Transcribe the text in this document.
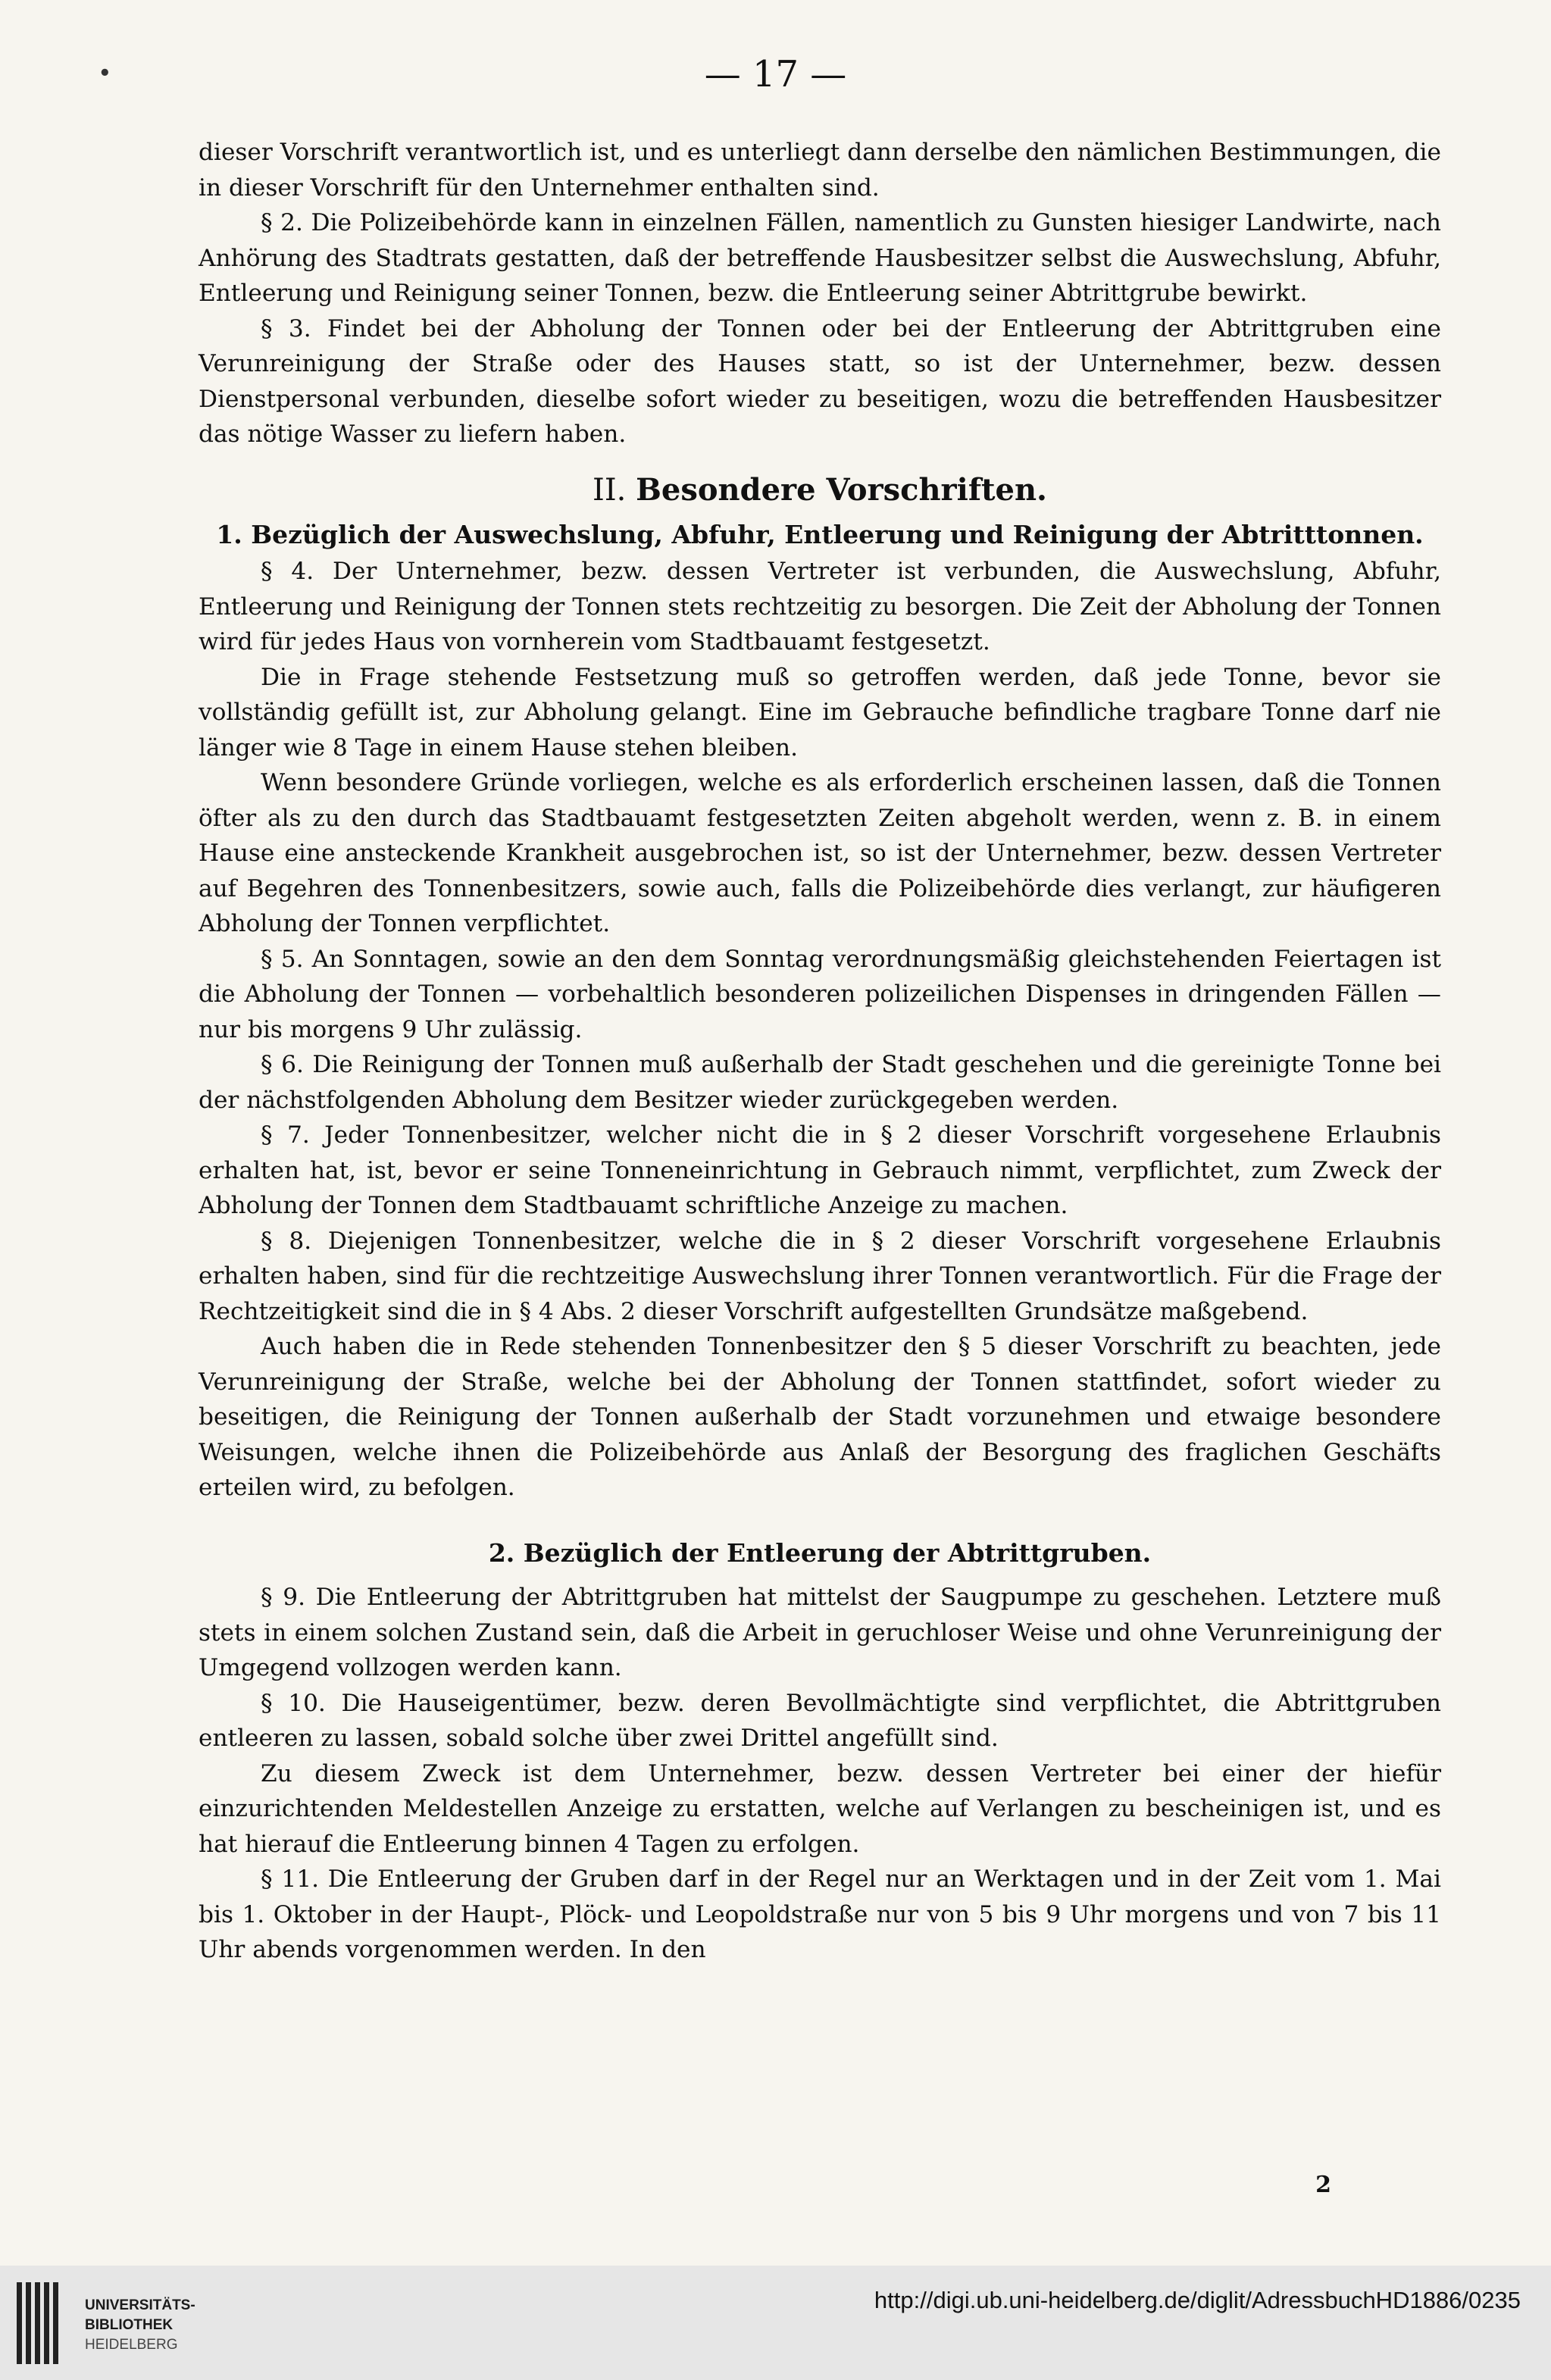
•	— 17 —

dieser Vorschrift verantwortlich ist, und es unterliegt dann derselbe den nämlichen Bestimmungen, die in dieser Vorschrift für den Unternehmer enthalten sind.

§ 2. Die Polizeibehörde kann in einzelnen Fällen, namentlich zu Gunsten hiesiger Landwirte, nach Anhörung des Stadtrats gestatten, daß der betreffende Hausbesitzer selbst die Auswechslung, Abfuhr, Entleerung und Reinigung seiner Tonnen, bezw. die Entleerung seiner Abtrittgrube bewirkt.

§ 3. Findet bei der Abholung der Tonnen oder bei der Entleerung der Abtrittgruben eine Verunreinigung der Straße oder des Hauses statt, so ist der Unternehmer, bezw. dessen Dienstpersonal verbunden, dieselbe sofort wieder zu beseitigen, wozu die betreffenden Hausbesitzer das nötige Wasser zu liefern haben.

II. Besondere Vorschriften.
1. Bezüglich der Auswechslung, Abfuhr, Entleerung und Reinigung der Abtritttonnen.

§ 4. Der Unternehmer, bezw. dessen Vertreter ist verbunden, die Auswechslung, Abfuhr, Entleerung und Reinigung der Tonnen stets rechtzeitig zu besorgen. Die Zeit der Abholung der Tonnen wird für jedes Haus von vornherein vom Stadtbauamt festgesetzt.

Die in Frage stehende Festsetzung muß so getroffen werden, daß jede Tonne, bevor sie vollständig gefüllt ist, zur Abholung gelangt. Eine im Gebrauche befindliche tragbare Tonne darf nie länger wie 8 Tage in einem Hause stehen bleiben.

Wenn besondere Gründe vorliegen, welche es als erforderlich erscheinen lassen, daß die Tonnen öfter als zu den durch das Stadtbauamt festgesetzten Zeiten abgeholt werden, wenn z. B. in einem Hause eine ansteckende Krankheit ausgebrochen ist, so ist der Unternehmer, bezw. dessen Vertreter auf Begehren des Tonnenbesitzers, sowie auch, falls die Polizeibehörde dies verlangt, zur häufigeren Abholung der Tonnen verpflichtet.

§ 5. An Sonntagen, sowie an den dem Sonntag verordnungsmäßig gleichstehenden Feiertagen ist die Abholung der Tonnen — vorbehaltlich besonderen polizeilichen Dispenses in dringenden Fällen — nur bis morgens 9 Uhr zulässig.

§ 6. Die Reinigung der Tonnen muß außerhalb der Stadt geschehen und die gereinigte Tonne bei der nächstfolgenden Abholung dem Besitzer wieder zurückgegeben werden.

§ 7. Jeder Tonnenbesitzer, welcher nicht die in § 2 dieser Vorschrift vorgesehene Erlaubnis erhalten hat, ist, bevor er seine Tonneneinrichtung in Gebrauch nimmt, verpflichtet, zum Zweck der Abholung der Tonnen dem Stadtbauamt schriftliche Anzeige zu machen.

§ 8. Diejenigen Tonnenbesitzer, welche die in § 2 dieser Vorschrift vorgesehene Erlaubnis erhalten haben, sind für die rechtzeitige Auswechslung ihrer Tonnen verantwortlich. Für die Frage der Rechtzeitigkeit sind die in § 4 Abs. 2 dieser Vorschrift aufgestellten Grundsätze maßgebend.

Auch haben die in Rede stehenden Tonnenbesitzer den § 5 dieser Vorschrift zu beachten, jede Verunreinigung der Straße, welche bei der Abholung der Tonnen stattfindet, sofort wieder zu beseitigen, die Reinigung der Tonnen außerhalb der Stadt vorzunehmen und etwaige besondere Weisungen, welche ihnen die Polizeibehörde aus Anlaß der Besorgung des fraglichen Geschäfts erteilen wird, zu befolgen.

2. Bezüglich der Entleerung der Abtrittgruben.

§ 9. Die Entleerung der Abtrittgruben hat mittelst der Saugpumpe zu geschehen. Letztere muß stets in einem solchen Zustand sein, daß die Arbeit in geruchloser Weise und ohne Verunreinigung der Umgegend vollzogen werden kann.

§ 10. Die Hauseigentümer, bezw. deren Bevollmächtigte sind verpflichtet, die Abtrittgruben entleeren zu lassen, sobald solche über zwei Drittel angefüllt sind.

Zu diesem Zweck ist dem Unternehmer, bezw. dessen Vertreter bei einer der hiefür einzurichtenden Meldestellen Anzeige zu erstatten, welche auf Verlangen zu bescheinigen ist, und es hat hierauf die Entleerung binnen 4 Tagen zu erfolgen.

§ 11. Die Entleerung der Gruben darf in der Regel nur an Werktagen und in der Zeit vom 1. Mai bis 1. Oktober in der Haupt-, Plöck- und Leopoldstraße nur von 5 bis 9 Uhr morgens und von 7 bis 11 Uhr abends vorgenommen werden. In den

2
UNIVERSITÄTS-
BIBLIOTHEK
HEIDELBERG
http://digi.ub.uni-heidelberg.de/diglit/AdressbuchHD1886/0235
